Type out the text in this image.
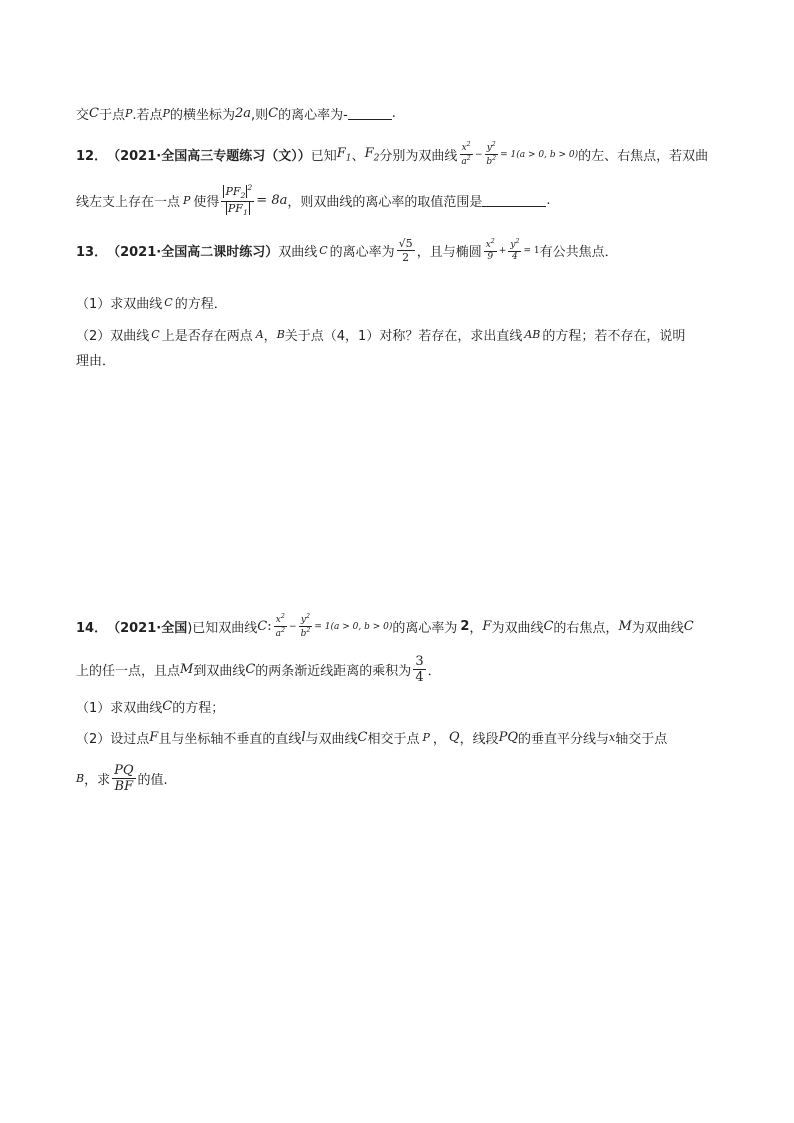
交 C 于点 P .若点 P 的横坐标为 2a ,则 C 的离心率为-	.
12． （2021·全国高三专题练习（文）） 已知 $F_1$ 、 $F_2$ 分别为双曲线 $\frac{x^2}{a^2} - \frac{y^2}{b^2} = 1(a > 0$, b > 0) 的左、右焦点，若双曲
线左支上存在一点 P 使得 $\frac{PF_2^2}{PF_1} = 8a$ ，则双曲线的离心率的取值范围是	.
13． （2021·全国高二课时练习） 双曲线 C 的离心率为 $\frac{√5}{2}$ ，且与椭圆 $\frac{x^2}{9} + \frac{y^2}{4} = 1$ 有公共焦点．
（1）求双曲线 C 的方程．
（2）双曲线 C 上是否存在两点 A ， B 关于点（4，1）对称？若存在，求出直线 AB 的方程；若不存在，说明
理由．
14． （2021·全国 )已知双曲线 C : $\frac{x^2}{a^2} - \frac{y^2}{b^2} = 1(a > 0$, b > 0) 的离心率为 2 ， F 为双曲线 C 的右焦点， M 为双曲线 C
上的任一点，且点 M 到双曲线 C 的两条渐近线距离的乘积为 $\frac{3}{4}$ ．
（1）求双曲线 C 的方程；
（2）设过点 F 且与坐标轴不垂直的直线 l 与双曲线 C 相交于点 P ， Q ，线段 PQ 的垂直平分线与 x 轴交于点
B ，求 $\frac{PQ}{BF}$ 的值.
